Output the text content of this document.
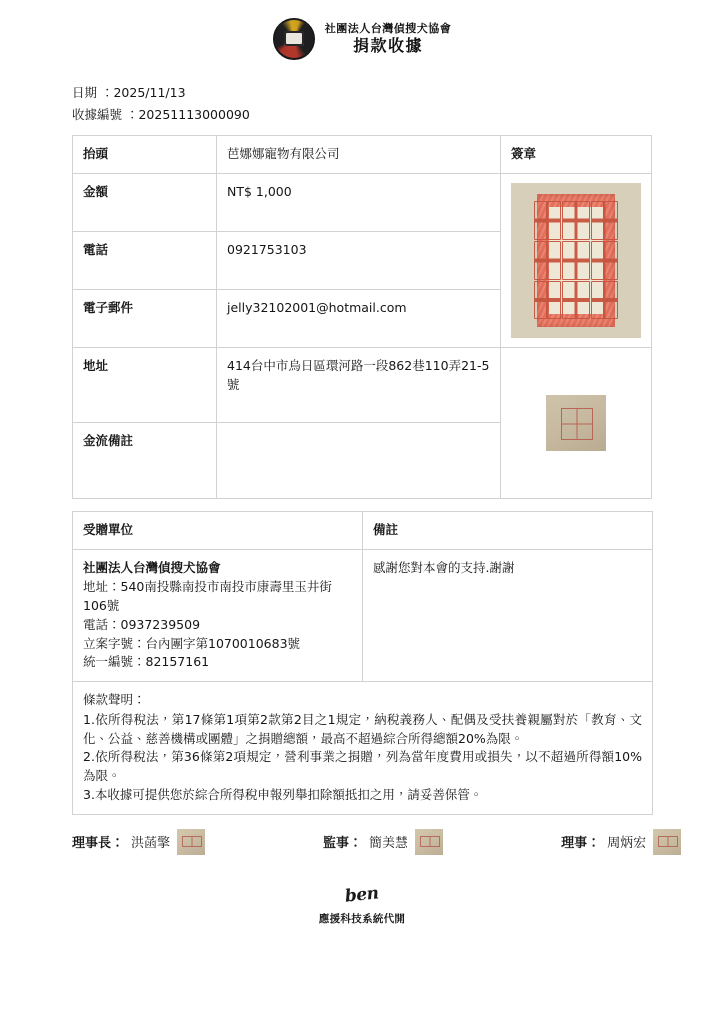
社團法人台灣偵搜犬協會
捐款收據
日期 ：2025/11/13
收據編號 ：20251113000090
抬頭	芭娜娜寵物有限公司	簽章
金額	NT$ 1,000	

電話	0921753103	
電子郵件	jelly32102001@hotmail.com	
地址	414台中市烏日區環河路一段862巷110弄21-5號	

金流備註		
受贈單位	備註

社團法人台灣偵搜犬協會
地址：540南投縣南投市南投市康壽里玉井街106號
電話：0937239509
立案字號：台內團字第1070010683號
統一編號：82157161	感謝您對本會的支持.謝謝

條款聲明：
1.依所得稅法，第17條第1項第2款第2目之1規定，納稅義務人、配偶及受扶養親屬對於「教育、文化、公益、慈善機構或團體」之捐贈總額，最高不超過綜合所得總額20%為限。
2.依所得稅法，第36條第2項規定，營利事業之捐贈，列為當年度費用或損失，以不超過所得額10%為限。
3.本收據可提供您於綜合所得稅申報列舉扣除額抵扣之用，請妥善保管。	
理事長： 洪菡擎	監事： 簡美慧	理事： 周炳宏
ben
應援科技系統代開
